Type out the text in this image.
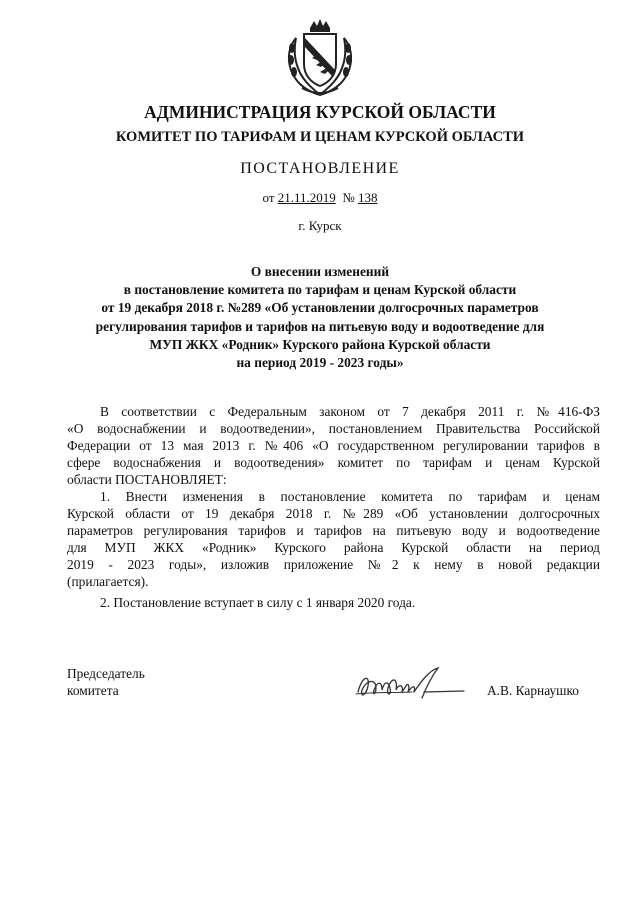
АДМИНИСТРАЦИЯ КУРСКОЙ ОБЛАСТИ
КОМИТЕТ ПО ТАРИФАМ И ЦЕНАМ КУРСКОЙ ОБЛАСТИ
ПОСТАНОВЛЕНИЕ
от 21.11.2019 № 138
г. Курск
О внесении изменений
в постановление комитета по тарифам и ценам Курской области
от 19 декабря 2018 г. №289 «Об установлении долгосрочных параметров
регулирования тарифов и тарифов на питьевую воду и водоотведение для
МУП ЖКХ «Родник» Курского района Курской области
на период 2019 - 2023 годы»
В соответствии с Федеральным законом от 7 декабря 2011 г. №416-ФЗ
«О водоснабжении и водоотведении», постановлением Правительства Российской
Федерации от 13 мая 2013 г. №406 «О государственном регулировании тарифов в
сфере водоснабжения и водоотведения» комитет по тарифам и ценам Курской
области ПОСТАНОВЛЯЕТ:
1. Внести изменения в постановление комитета по тарифам и ценам
Курской области от 19 декабря 2018 г. №289 «Об установлении долгосрочных
параметров регулирования тарифов и тарифов на питьевую воду и водоотведение
для МУП ЖКХ «Родник» Курского района Курской области на период
2019 - 2023 годы», изложив приложение №2 к нему в новой редакции
(прилагается).
2. Постановление вступает в силу с 1 января 2020 года.
Председатель
комитета	А.В. Карнаушко
